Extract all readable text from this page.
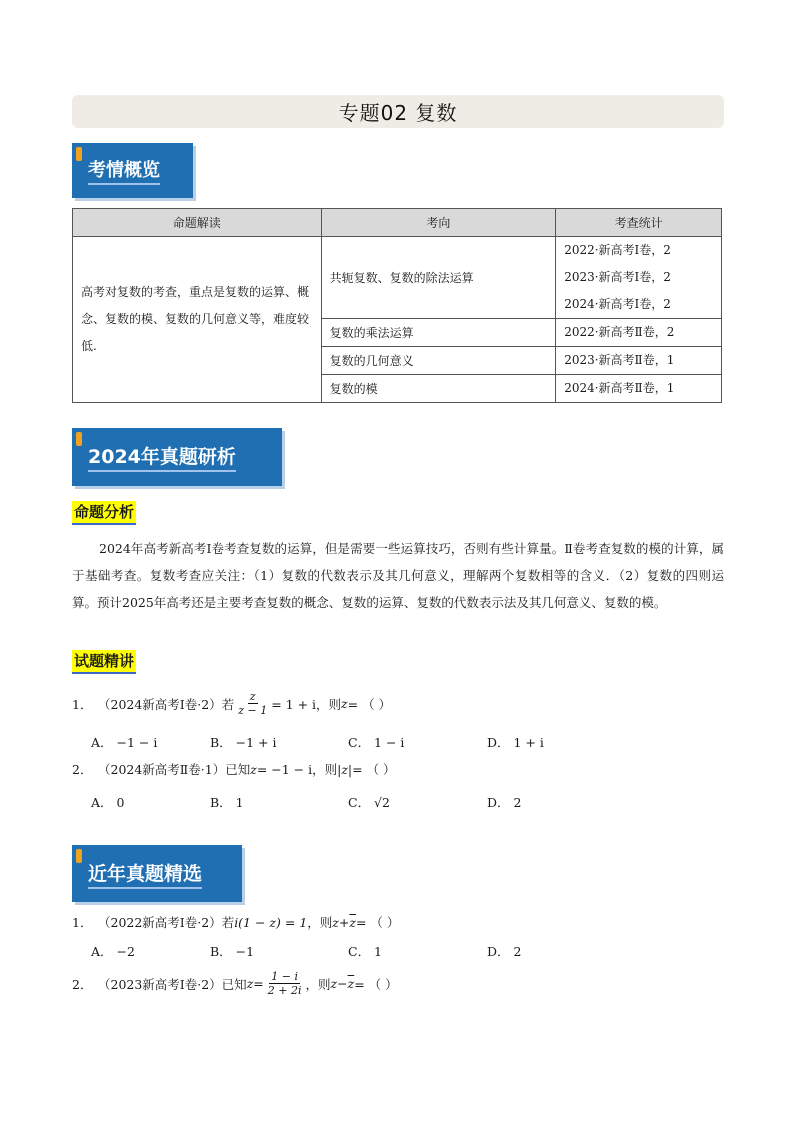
专题02 复数
考情概览
命题解读	考向	考查统计
高考对复数的考查，重点是复数的运算、概念、复数的模、复数的几何意义等，难度较低.	共轭复数、复数的除法运算	2022·新高考Ⅰ卷，2
2023·新高考Ⅰ卷，2
2024·新高考Ⅰ卷，2

	复数的乘法运算	2022·新高考Ⅱ卷，2

	复数的几何意义	2023·新高考Ⅱ卷，1

	复数的模	2024·新高考Ⅱ卷，1
2024年真题研析
命题分析
2024年高考新高考Ⅰ卷考查复数的运算，但是需要一些运算技巧，否则有些计算量。Ⅱ卷考查复数的模的计算，属于基础考查。复数考查应关注：（1）复数的代数表示及其几何意义，理解两个复数相等的含义．（2）复数的四则运算。预计2025年高考还是主要考查复数的概念、复数的运算、复数的代数表示法及其几何意义、复数的模。
试题精讲
1． （2024新高考Ⅰ卷·2）若 $\frac{z}{z - 1} = 1 + i$，则 z = （ ）
A． −1 − i	B． −1 + i	C． 1 − i	D． 1 + i
2． （2024新高考Ⅱ卷·1）已知 z = −1 − i，则 |z| = （ ）
A． 0	B． 1	C． √2	D． 2
近年真题精选
1． （2022新高考Ⅰ卷·2）若 i(1 − z) = 1 ，则 $z + \overline{z}$ = （ ）
A． −2	B． −1	C． 1	D． 2
2． （2023新高考Ⅰ卷·2）已知 $z = \frac{1 - i}{2 + 2i}$ ，则 $z - \overline{z}$ = （ ）
